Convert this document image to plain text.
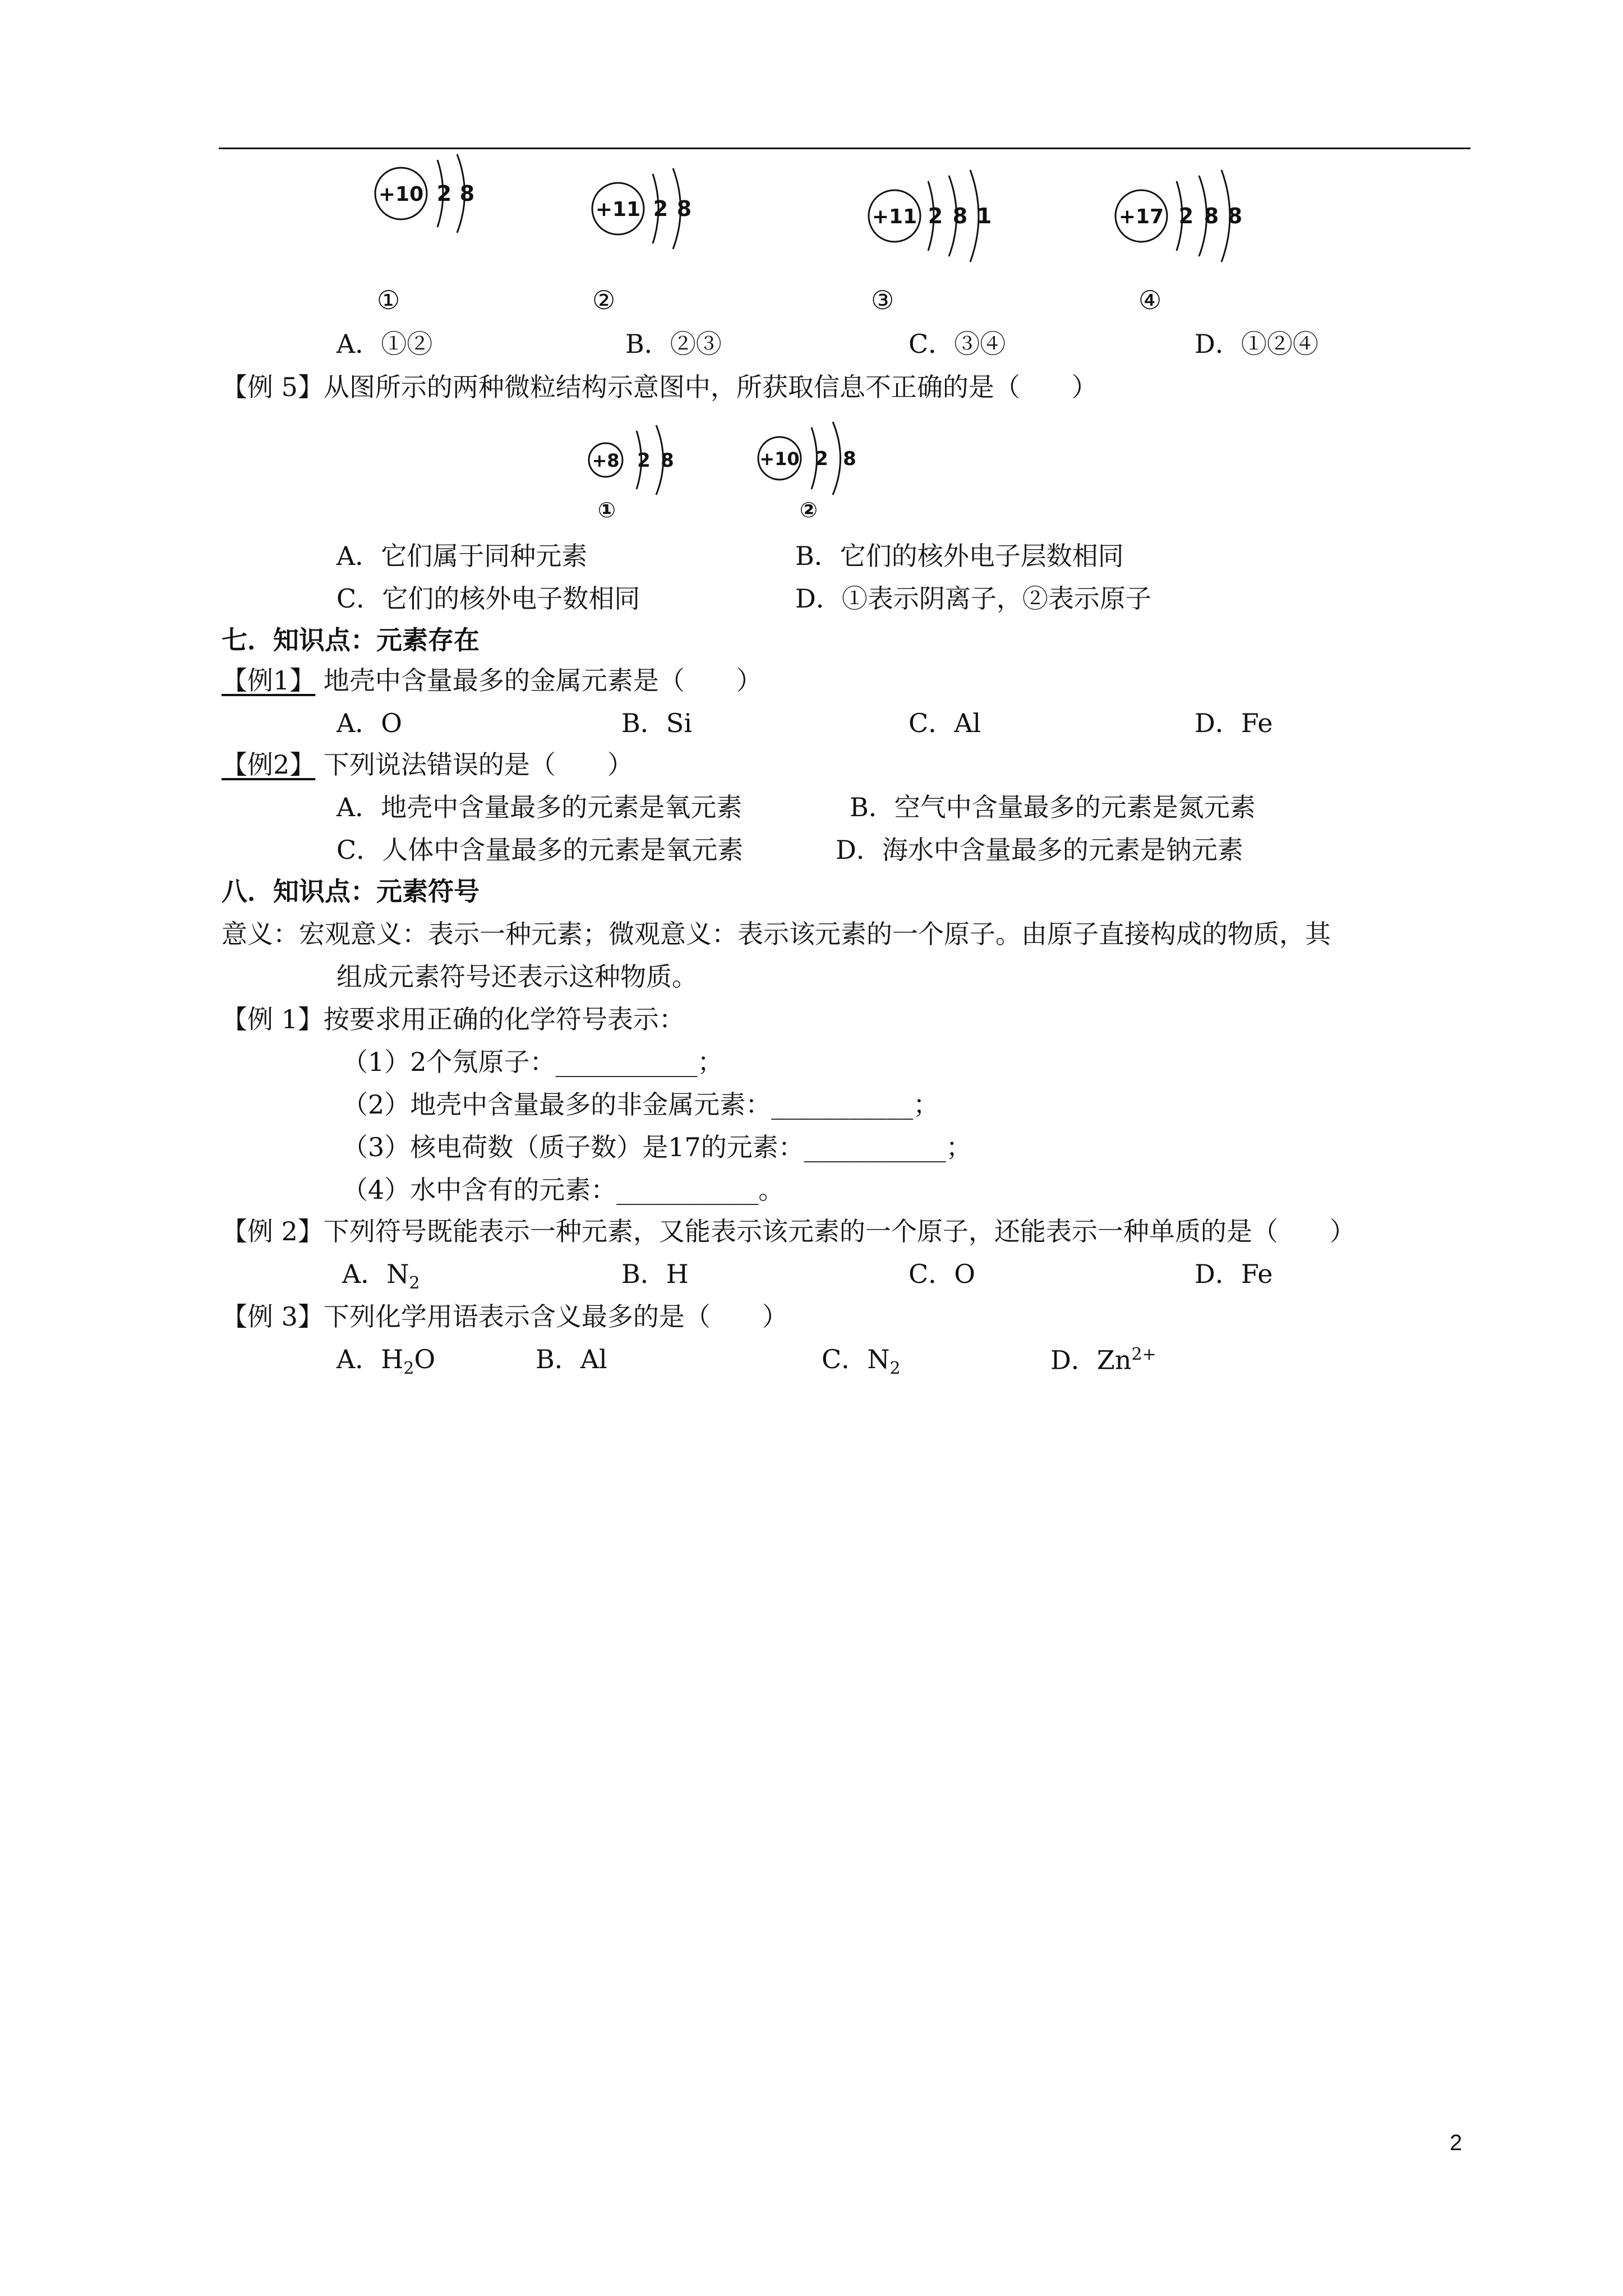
+10 2 8
+11 2 8	+11 2 8 1	+17 2 8 8
①	②	③	④
A．①②	B．②③	C．③④	D．①②④
【例 5】从图所示的两种微粒结构示意图中，所获取信息不正确的是（　　）
+8 2 8
①
+10 2 8
②
A．它们属于同种元素	B．它们的核外电子层数相同
C．它们的核外电子数相同	D．①表示阴离子，②表示原子
七．知识点：元素存在
【例1】 地壳中含量最多的金属元素是（　　）
A．O	B．Si	C．Al	D．Fe
【例2】 下列说法错误的是（　　）
A．地壳中含量最多的元素是氧元素	B．空气中含量最多的元素是氮元素
C．人体中含量最多的元素是氧元素	D．海水中含量最多的元素是钠元素
八．知识点：元素符号
意义：宏观意义：表示一种元素；微观意义：表示该元素的一个原子。由原子直接构成的物质，其
组成元素符号还表示这种物质。
【例 1】按要求用正确的化学符号表示：
（1）2个氖原子：___________；
（2）地壳中含量最多的非金属元素：___________；
（3）核电荷数（质子数）是17的元素：___________；
（4）水中含有的元素：___________。
【例 2】下列符号既能表示一种元素，又能表示该元素的一个原子，还能表示一种单质的是（　　）
A．$N_2$	B．H	C．O	D．Fe
【例 3】下列化学用语表示含义最多的是（　　）
A．$H_2O$	B．Al	C．$N_2$	D．$Zn^{2+}$
2
